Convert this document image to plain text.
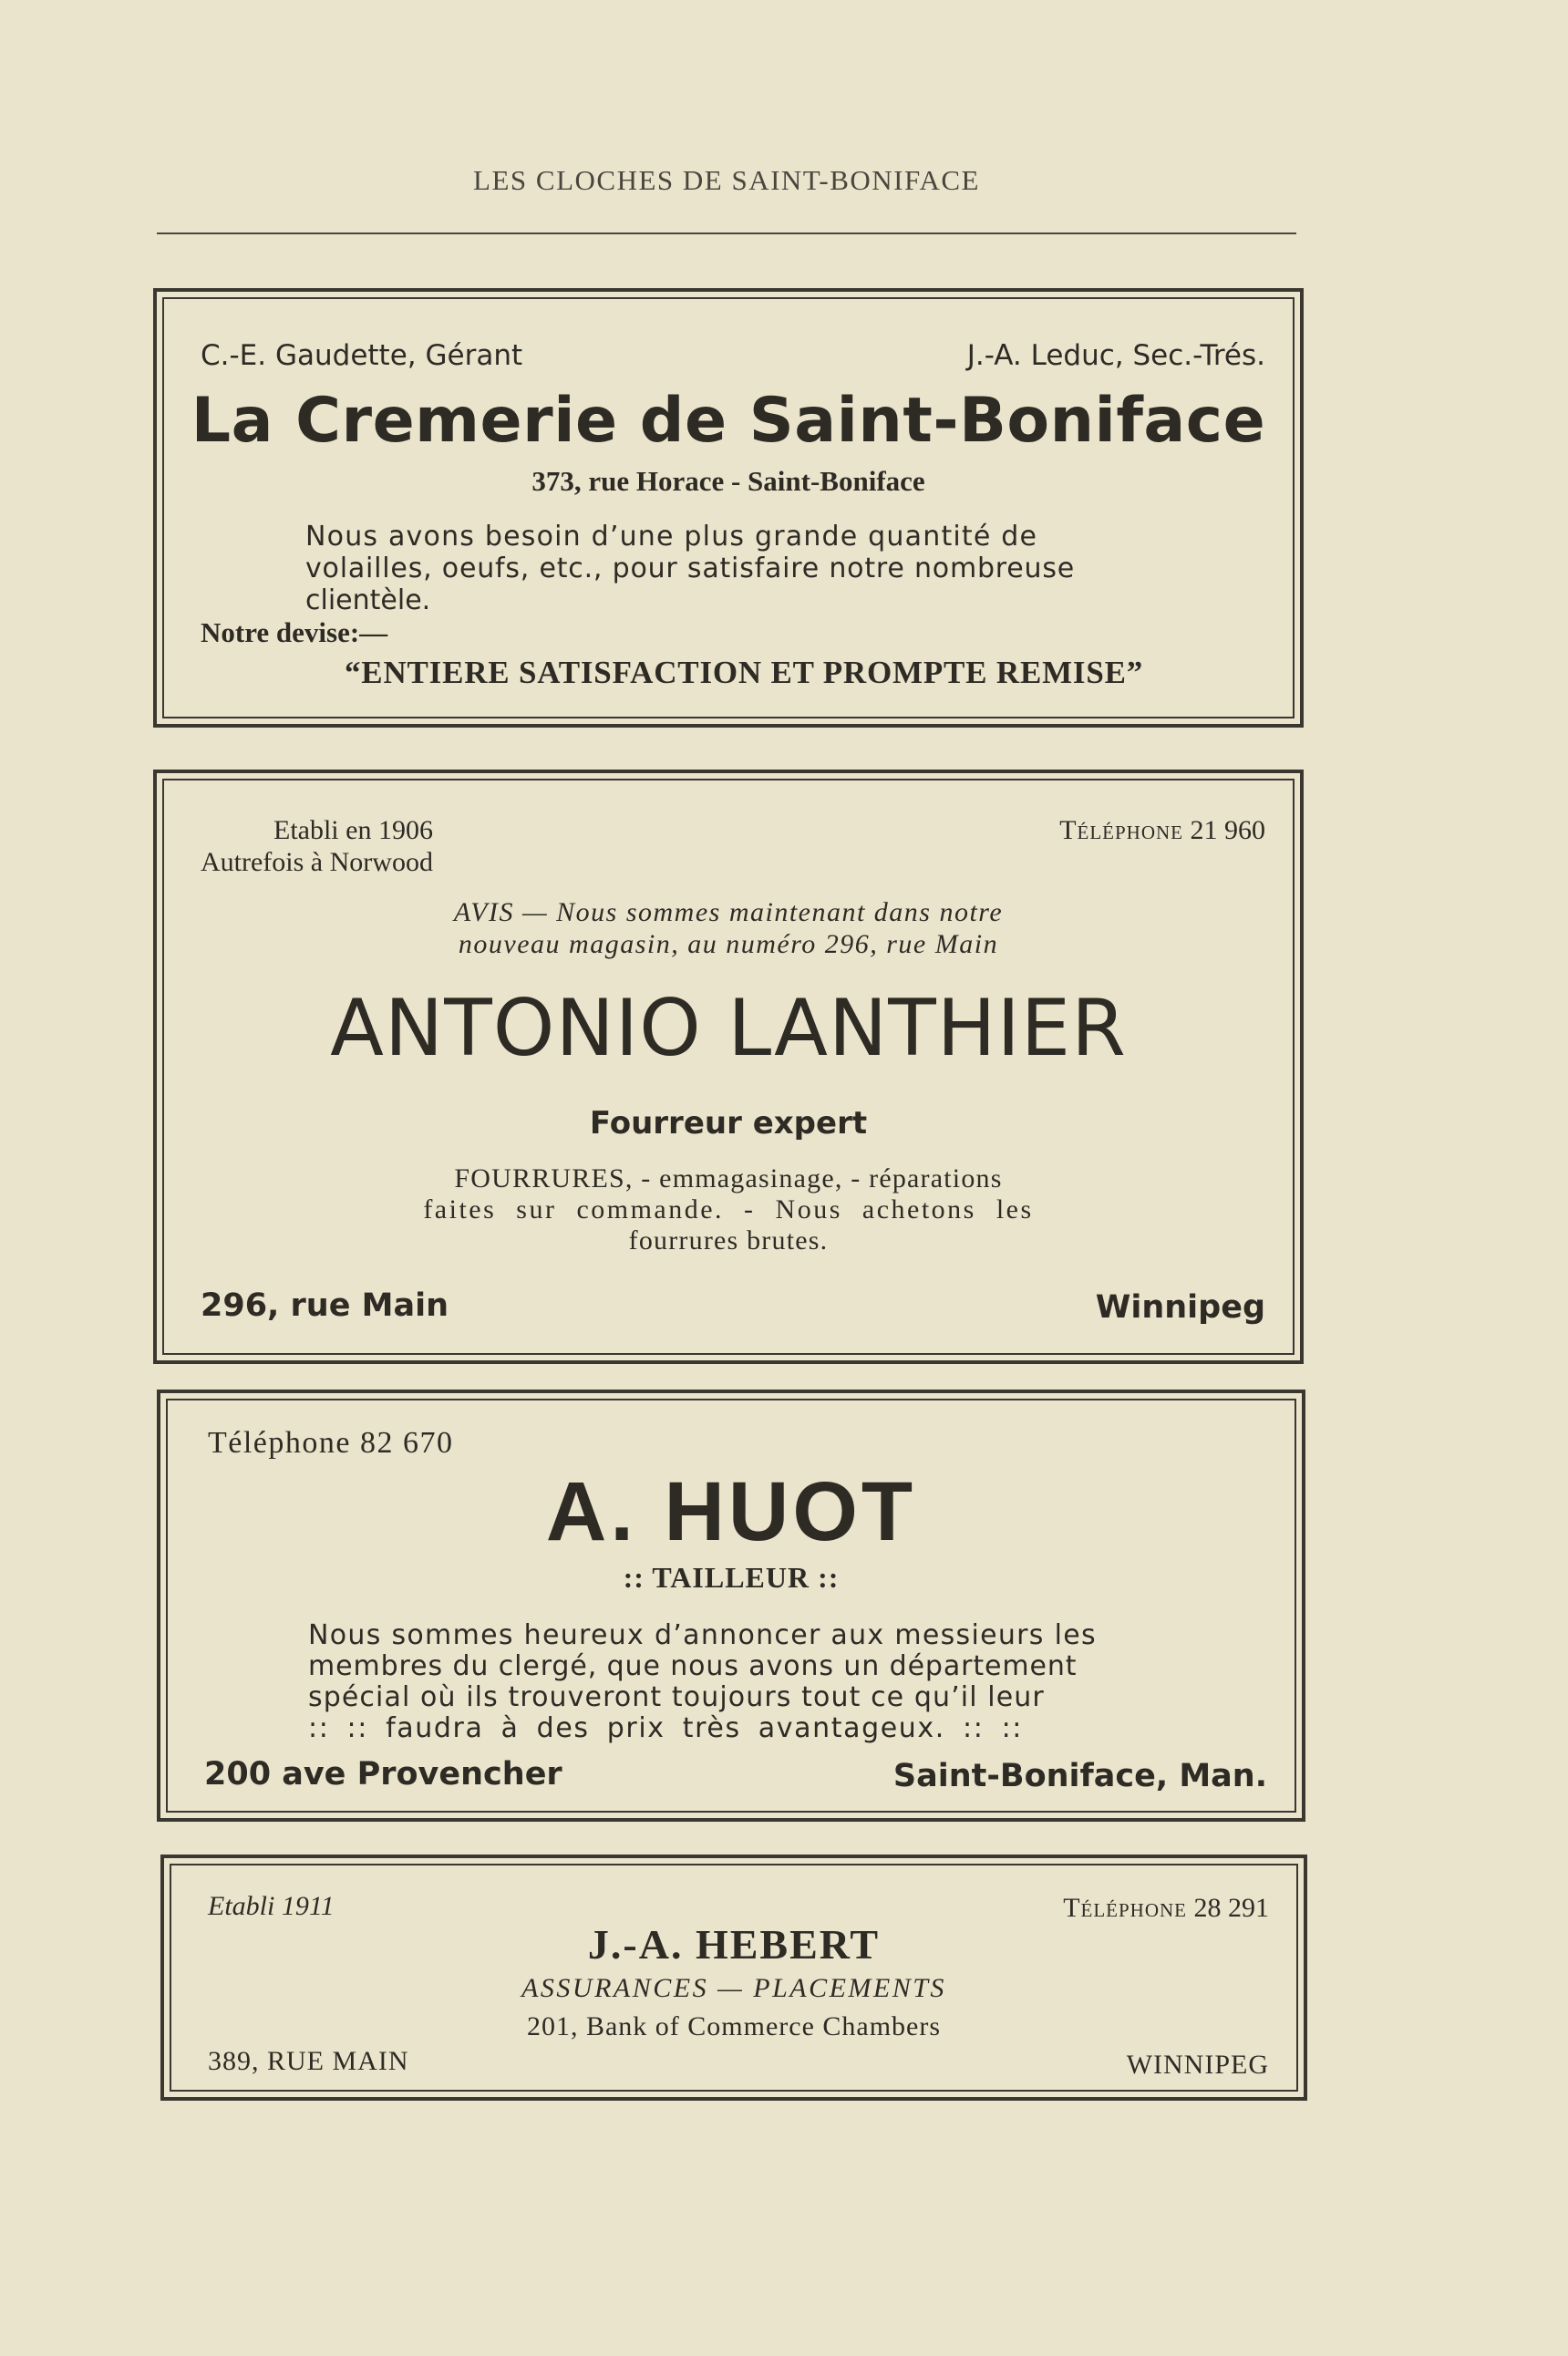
LES CLOCHES DE SAINT-BONIFACE
C.-E. Gaudette, Gérant	J.-A. Leduc, Sec.-Trés.
La Cremerie de Saint-Boniface
373, rue Horace - Saint-Boniface
Nous avons besoin d’une plus grande quantité de
volailles, oeufs, etc., pour satisfaire notre nombreuse
clientèle.
Notre devise:—
“ENTIERE SATISFACTION ET PROMPTE REMISE”
Etabli en 1906
Autrefois à Norwood
Téléphone 21 960
AVIS — Nous sommes maintenant dans notre
nouveau magasin, au numéro 296, rue Main
ANTONIO LANTHIER
Fourreur expert
FOURRURES, - emmagasinage, - réparations
faites sur commande. - Nous achetons les
fourrures brutes.
296, rue Main	Winnipeg
Téléphone 82 670
A. HUOT
:: TAILLEUR ::
Nous sommes heureux d’annoncer aux messieurs les
membres du clergé, que nous avons un département
spécial où ils trouveront toujours tout ce qu’il leur
:: :: faudra à des prix très avantageux. :: ::
200 ave Provencher	Saint-Boniface, Man.
Etabli 1911	Téléphone 28 291
J.-A. HEBERT
ASSURANCES — PLACEMENTS
201, Bank of Commerce Chambers
389, RUE MAIN	WINNIPEG
